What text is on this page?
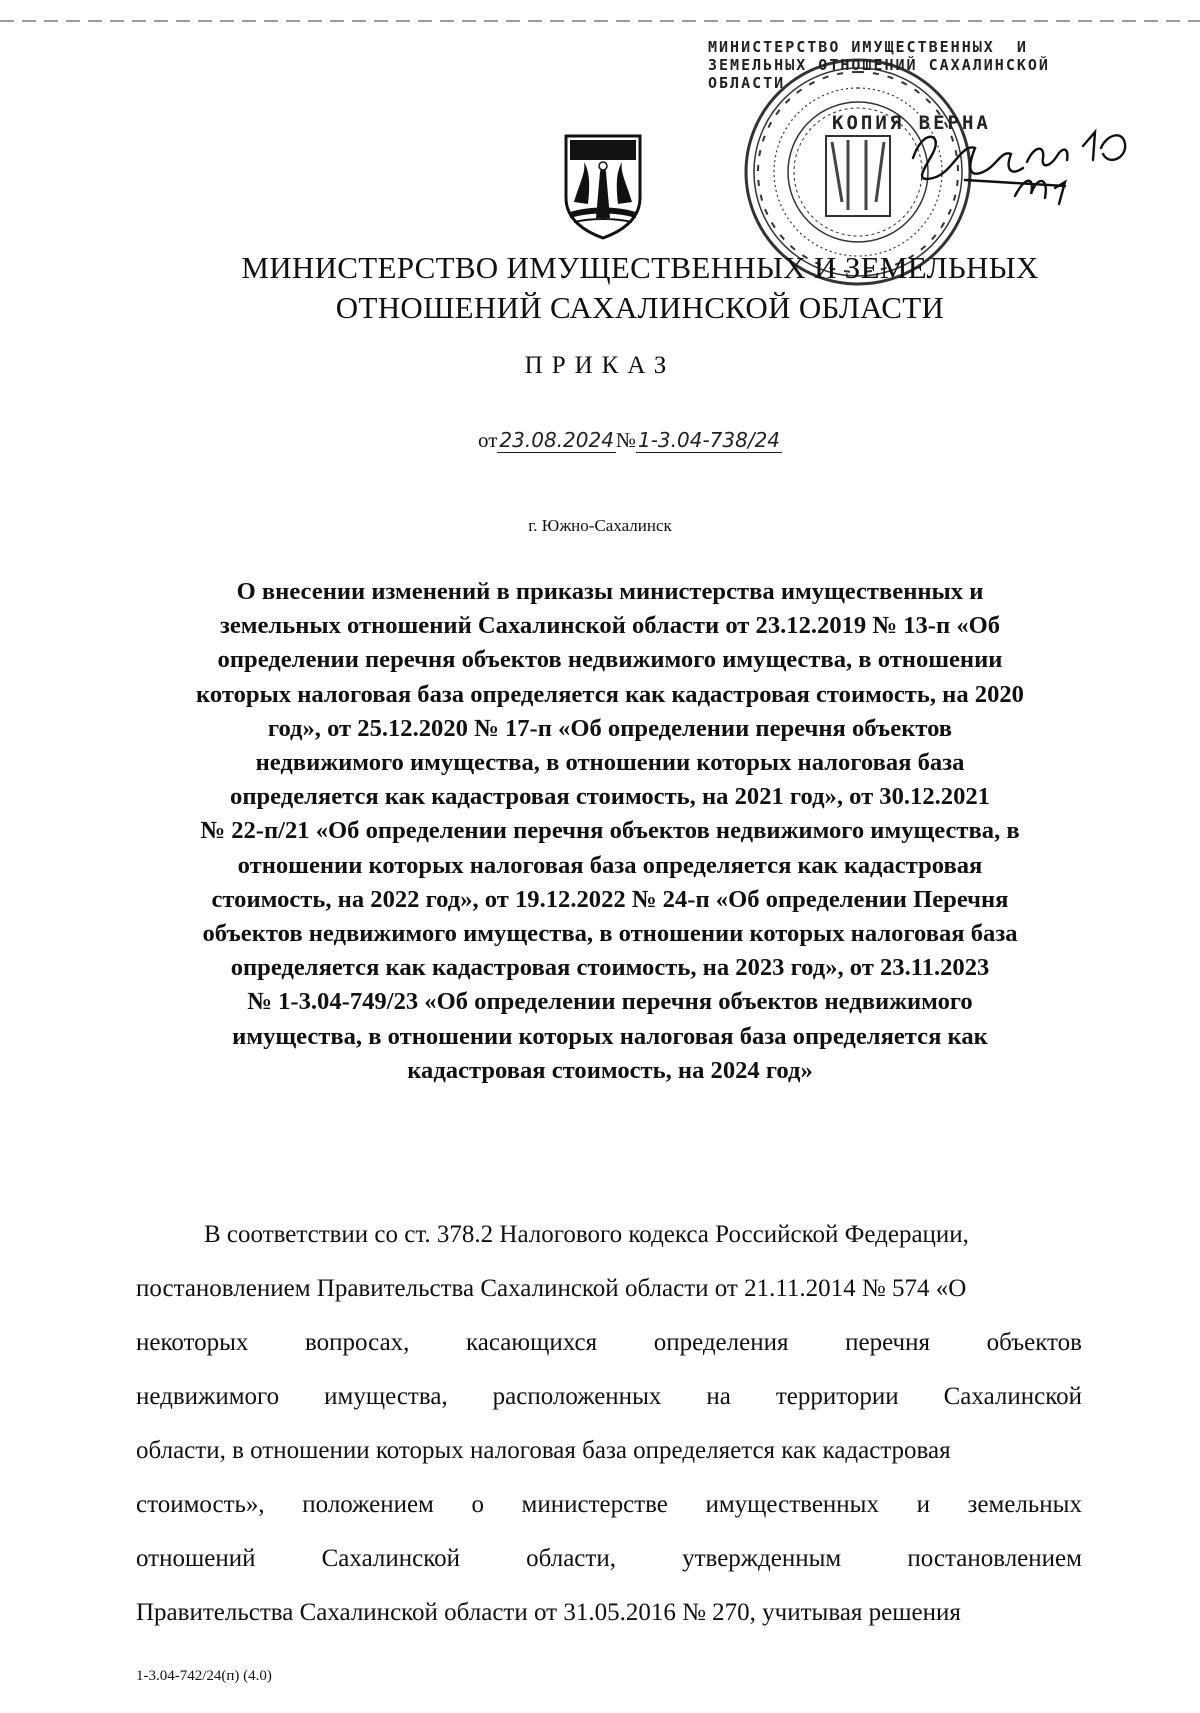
МИНИСТЕРСТВО ИМУЩЕСТВЕННЫХ  И
ЗЕМЕЛЬНЫХ ОТНОШЕНИЙ САХАЛИНСКОЙ
ОБЛАСТИ
КОПИЯ ВЕРНА
МИНИСТЕРСТВО ИМУЩЕСТВЕННЫХ И ЗЕМЕЛЬНЫХ
ОТНОШЕНИЙ САХАЛИНСКОЙ ОБЛАСТИ
ПРИКАЗ
от 23.08.2024№ 1-3.04-738/24
г. Южно-Сахалинск
О внесении изменений в приказы министерства имущественных и
земельных отношений Сахалинской области от 23.12.2019 № 13-п «Об
определении перечня объектов недвижимого имущества, в отношении
которых налоговая база определяется как кадастровая стоимость, на 2020
год», от 25.12.2020 № 17-п «Об определении перечня объектов
недвижимого имущества, в отношении которых налоговая база
определяется как кадастровая стоимость, на 2021 год», от 30.12.2021
№ 22-п/21 «Об определении перечня объектов недвижимого имущества, в
отношении которых налоговая база определяется как кадастровая
стоимость, на 2022 год», от 19.12.2022 № 24-п «Об определении Перечня
объектов недвижимого имущества, в отношении которых налоговая база
определяется как кадастровая стоимость, на 2023 год», от 23.11.2023
№ 1-3.04-749/23 «Об определении перечня объектов недвижимого
имущества, в отношении которых налоговая база определяется как
кадастровая стоимость, на 2024 год»
В соответствии со ст. 378.2 Налогового кодекса Российской Федерации,
постановлением Правительства Сахалинской области от 21.11.2014 № 574 «О
некоторых вопросах, касающихся определения перечня объектов
недвижимого имущества, расположенных на территории Сахалинской
области, в отношении которых налоговая база определяется как кадастровая
стоимость», положением о министерстве имущественных и земельных
отношений	Сахалинской	области,	утвержденным	постановлением
Правительства Сахалинской области от 31.05.2016 № 270, учитывая решения
1-3.04-742/24(п) (4.0)
